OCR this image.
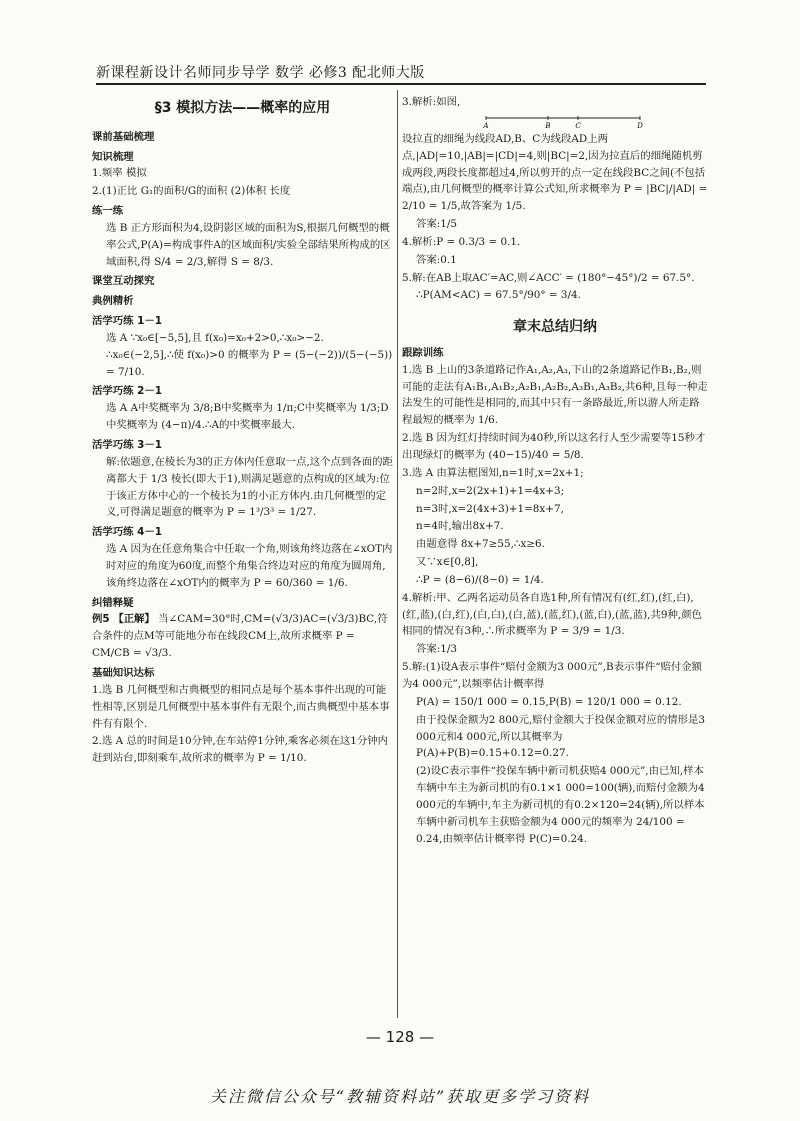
新课程新设计名师同步导学 数学 必修3 配北师大版
§3 模拟方法——概率的应用
课前基础梳理
知识梳理

1.频率 模拟

2.(1)正比 G₁的面积/G的面积 (2)体积 长度

练一练

选 B 正方形面积为4,设阴影区域的面积为S,根据几何概型的概率公式,P(A)=构成事件A的区域面积/实验全部结果所构成的区域面积,得 S/4 = 2/3,解得 S = 8/3.

课堂互动探究
典例精析
活学巧练 1－1

选 A ∵x₀∈[−5,5],且 f(x₀)=x₀+2>0,∴x₀>−2. ∴x₀∈(−2,5],∴使 f(x₀)>0 的概率为 P = (5−(−2))/(5−(−5)) = 7/10.

活学巧练 2－1

选 A A中奖概率为 3/8;B中奖概率为 1/π;C中奖概率为 1/3;D中奖概率为 (4−π)/4.∴A的中奖概率最大.

活学巧练 3－1

解:依题意,在棱长为3的正方体内任意取一点,这个点到各面的距离都大于 1/3 棱长(即大于1),则满足题意的点构成的区域为:位于该正方体中心的一个棱长为1的小正方体内.由几何概型的定义,可得满足题意的概率为 P = 1³/3³ = 1/27.

活学巧练 4－1

选 A 因为在任意角集合中任取一个角,则该角终边落在∠xOT内时对应的角度为60度,而整个角集合终边对应的角度为圆周角,该角终边落在∠xOT内的概率为 P = 60/360 = 1/6.

纠错释疑

例5 【正解】 当∠CAM=30°时,CM=(√3/3)AC=(√3/3)BC,符合条件的点M等可能地分布在线段CM上,故所求概率 P = CM/CB = √3/3.

基础知识达标

1.选 B 几何概型和古典概型的相同点是每个基本事件出现的可能性相等,区别是几何概型中基本事件有无限个,而古典概型中基本事件有有限个.

2.选 A 总的时间是10分钟,在车站停1分钟,乘客必须在这1分钟内赶到站台,即刻乘车,故所求的概率为 P = 1/10.

3.解析:如图,

A	B	C	D

设拉直的细绳为线段AD,B、C为线段AD上两点,|AD|=10,|AB|=|CD|=4,则|BC|=2,因为拉直后的细绳随机剪成两段,两段长度都超过4,所以剪开的点一定在线段BC之间(不包括端点),由几何概型的概率计算公式知,所求概率为 P = |BC|/|AD| = 2/10 = 1/5,故答案为 1/5.

答案:1/5

4.解析:P = 0.3/3 = 0.1.

答案:0.1

5.解:在AB上取AC′=AC,则∠ACC′ = (180°−45°)/2 = 67.5°.

∴P(AM<AC) = 67.5°/90° = 3/4.

章末总结归纳
跟踪训练

1.选 B 上山的3条道路记作A₁,A₂,A₃,下山的2条道路记作B₁,B₂,则可能的走法有A₁B₁,A₁B₂,A₂B₁,A₂B₂,A₃B₁,A₃B₂,共6种,且每一种走法发生的可能性是相同的,而其中只有一条路最近,所以游人所走路程最短的概率为 1/6.

2.选 B 因为红灯持续时间为40秒,所以这名行人至少需要等15秒才出现绿灯的概率为 (40−15)/40 = 5/8.

3.选 A 由算法框图知,n=1时,x=2x+1;

n=2时,x=2(2x+1)+1=4x+3;

n=3时,x=2(4x+3)+1=8x+7,

n=4时,输出8x+7.

由题意得 8x+7≥55,∴x≥6.

又∵x∈[0,8],

∴P = (8−6)/(8−0) = 1/4.

4.解析:甲、乙两名运动员各自选1种,所有情况有(红,红),(红,白),(红,蓝),(白,红),(白,白),(白,蓝),(蓝,红),(蓝,白),(蓝,蓝),共9种,颜色相同的情况有3种,∴所求概率为 P = 3/9 = 1/3.

答案:1/3

5.解:(1)设A表示事件“赔付金额为3 000元”,B表示事件“赔付金额为4 000元”,以频率估计概率得

P(A) = 150/1 000 = 0.15,P(B) = 120/1 000 = 0.12.

由于投保金额为2 800元,赔付金额大于投保金额对应的情形是3 000元和4 000元,所以其概率为 P(A)+P(B)=0.15+0.12=0.27.

(2)设C表示事件“投保车辆中新司机获赔4 000元”,由已知,样本车辆中车主为新司机的有0.1×1 000=100(辆),而赔付金额为4 000元的车辆中,车主为新司机的有0.2×120=24(辆),所以样本车辆中新司机车主获赔金额为4 000元的频率为 24/100 = 0.24,由频率估计概率得 P(C)=0.24.

— 128 —
关注微信公众号“教辅资料站”获取更多学习资料
